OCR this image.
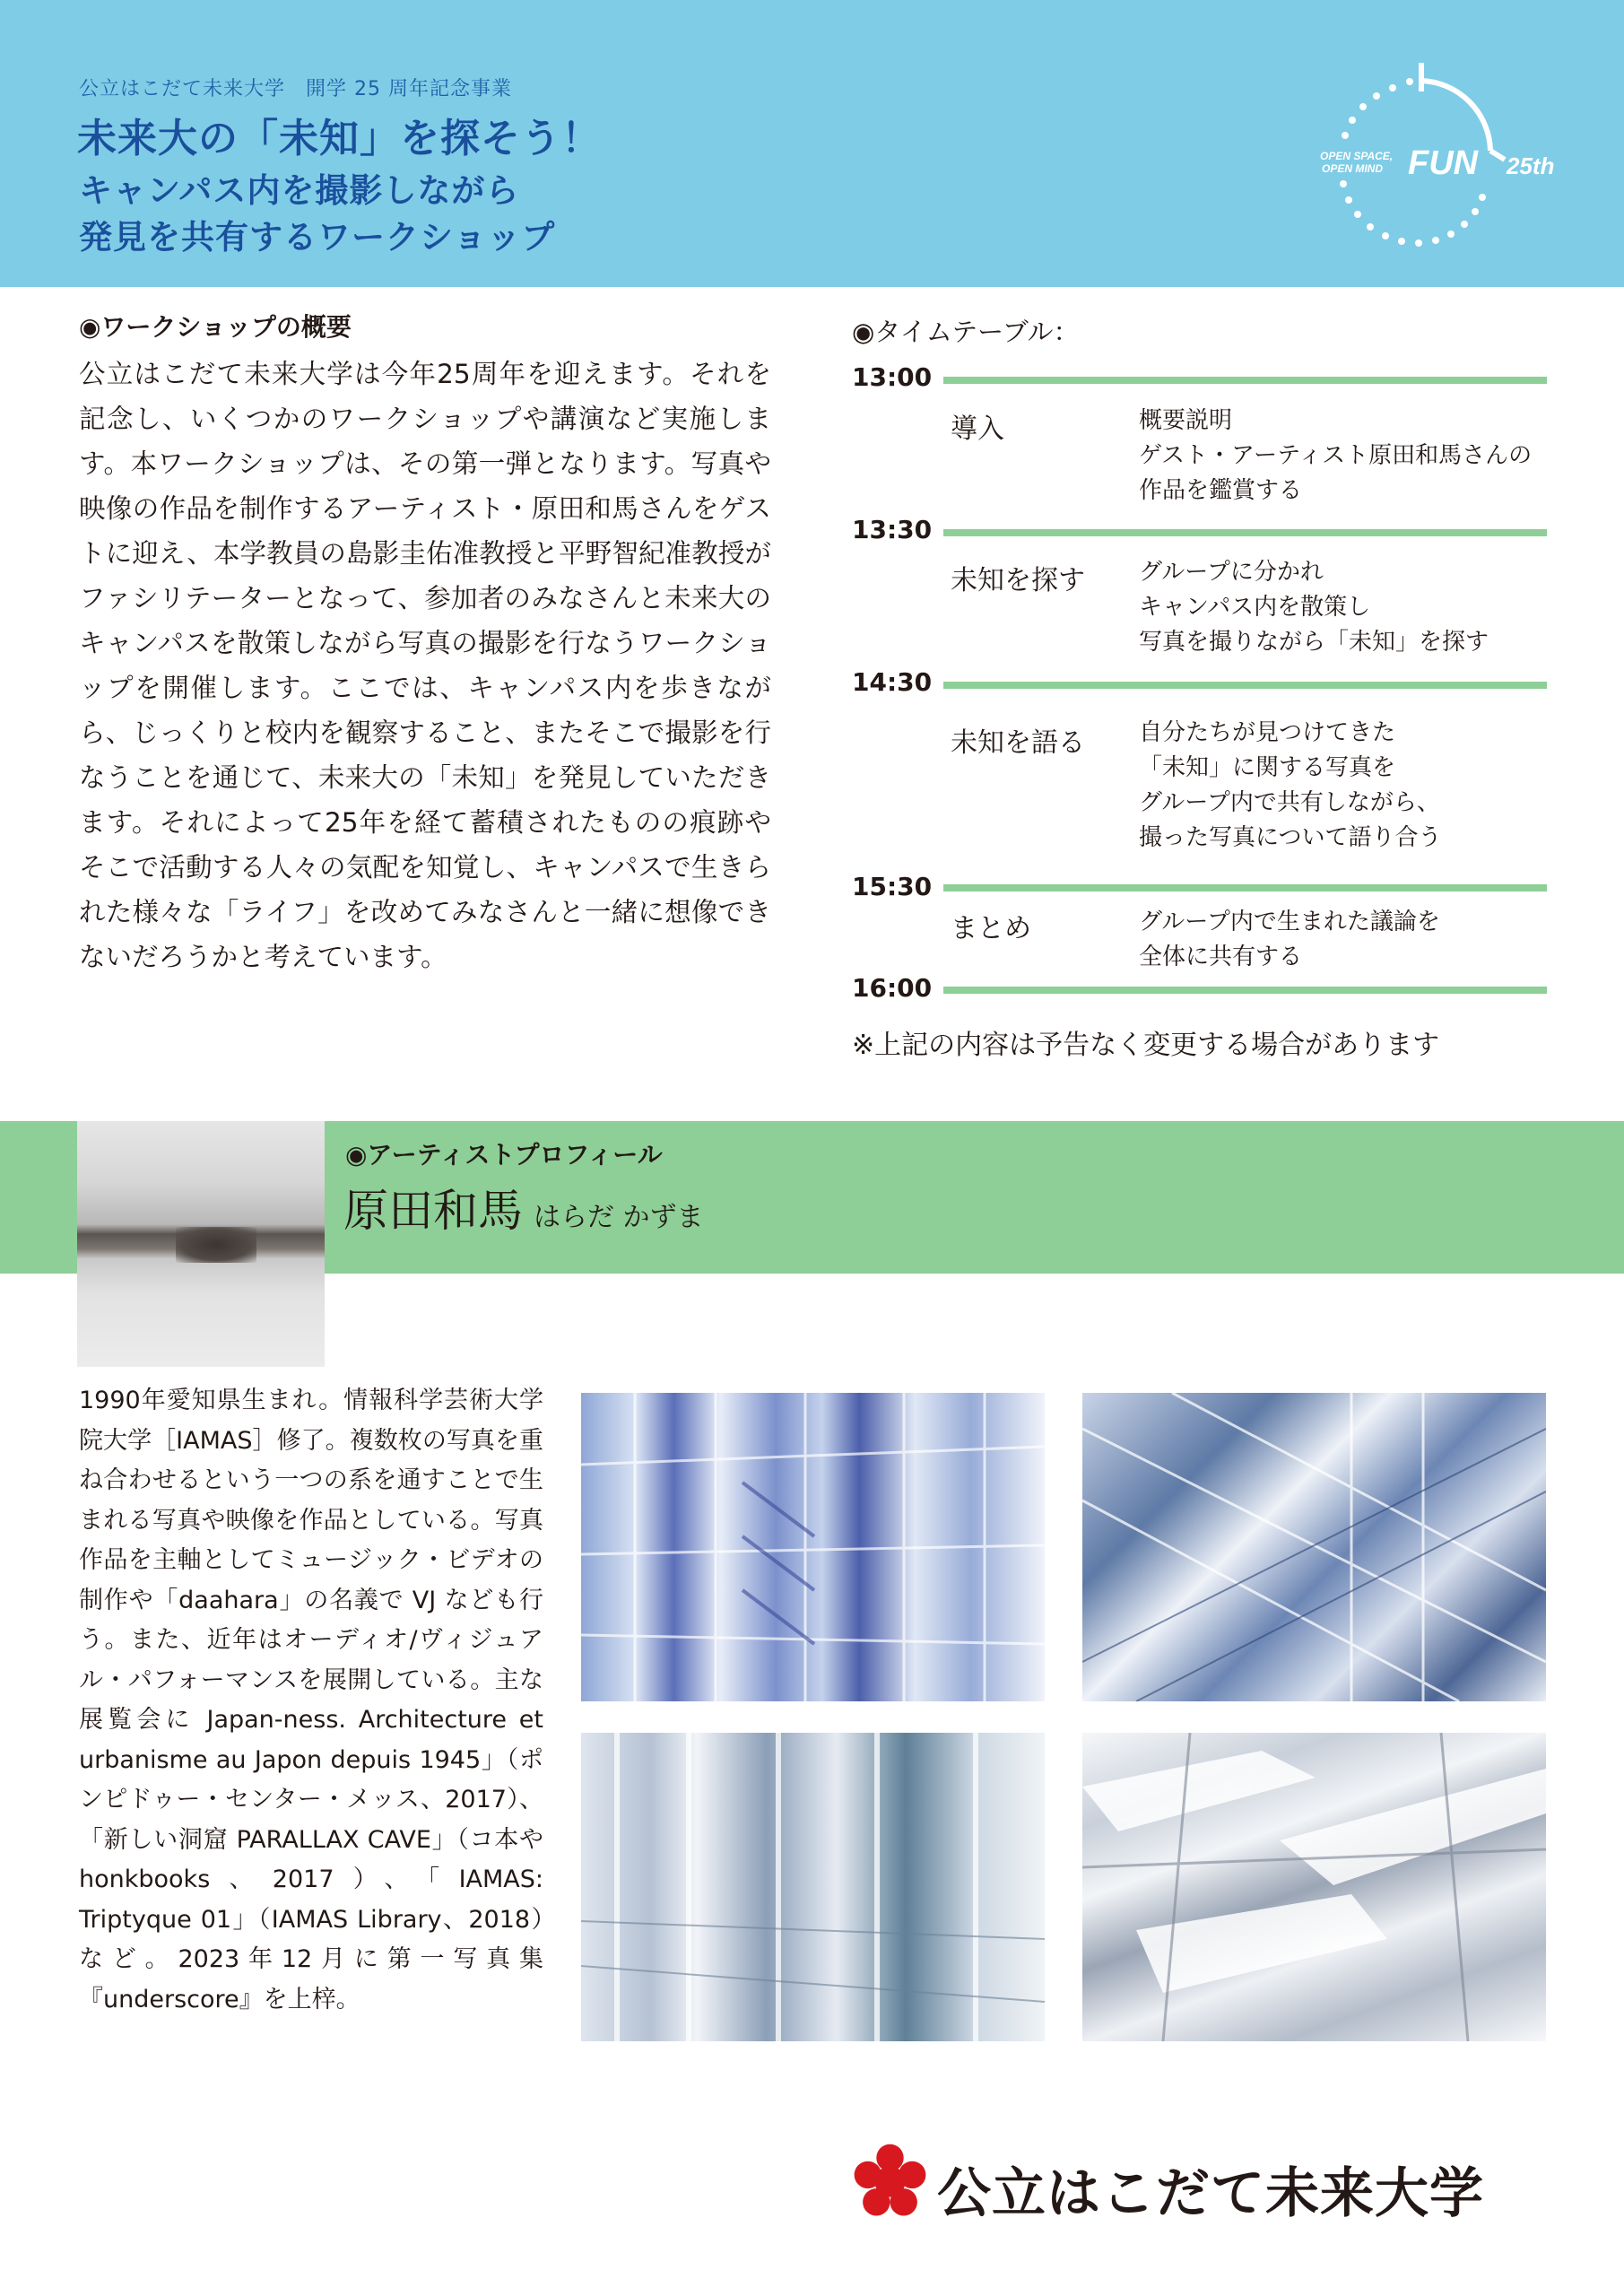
公立はこだて未来大学　開学 25 周年記念事業
未来大の「未知」を探そう！
キャンパス内を撮影しながら
発見を共有するワークショップ
OPEN SPACE,
OPEN MIND FUN 25th
◉ワークショップの概要
公立はこだて未来大学は今年25周年を迎えます。それを記念し、いくつかのワークショップや講演など実施します。本ワークショップは、その第一弾となります。写真や映像の作品を制作するアーティスト・原田和馬さんをゲストに迎え、本学教員の島影圭佑准教授と平野智紀准教授がファシリテーターとなって、参加者のみなさんと未来大のキャンパスを散策しながら写真の撮影を行なうワークショップを開催します。ここでは、キャンパス内を歩きながら、じっくりと校内を観察すること、またそこで撮影を行なうことを通じて、未来大の「未知」を発見していただきます。それによって25年を経て蓄積されたものの痕跡やそこで活動する人々の気配を知覚し、キャンパスで生きられた様々な「ライフ」を改めてみなさんと一緒に想像できないだろうかと考えています。
◉タイムテーブル：
13:00
導入	概要説明
ゲスト・アーティスト原田和馬さんの
作品を鑑賞する
13:30
未知を探す グループに分かれ
キャンパス内を散策し
写真を撮りながら「未知」を探す
14:30
未知を語る 自分たちが見つけてきた
「未知」に関する写真を
グループ内で共有しながら、
撮った写真について語り合う
15:30
まとめ	グループ内で生まれた議論を
全体に共有する
16:00
※上記の内容は予告なく変更する場合があります
◉アーティストプロフィール
原田和馬 はらだ かずま
1990年愛知県生まれ。情報科学芸術大学院大学［IAMAS］修了。複数枚の写真を重ね合わせるという一つの系を通すことで生まれる写真や映像を作品としている。写真作品を主軸としてミュージック・ビデオの制作や「daahara」の名義で VJ なども行う。また、近年はオーディオ/ヴィジュアル・パフォーマンスを展開している。主な展覧会に Japan-ness. Architecture et urbanisme au Japon depuis 1945」（ポンピドゥー・センター・メッス、2017）、「新しい洞窟 PARALLAX CAVE」（コ本や honkbooks、2017）、「IAMAS: Triptyque 01」（IAMAS Library、2018）など。2023年12月に第一写真集『underscore』を上梓。
公立はこだて未来大学
